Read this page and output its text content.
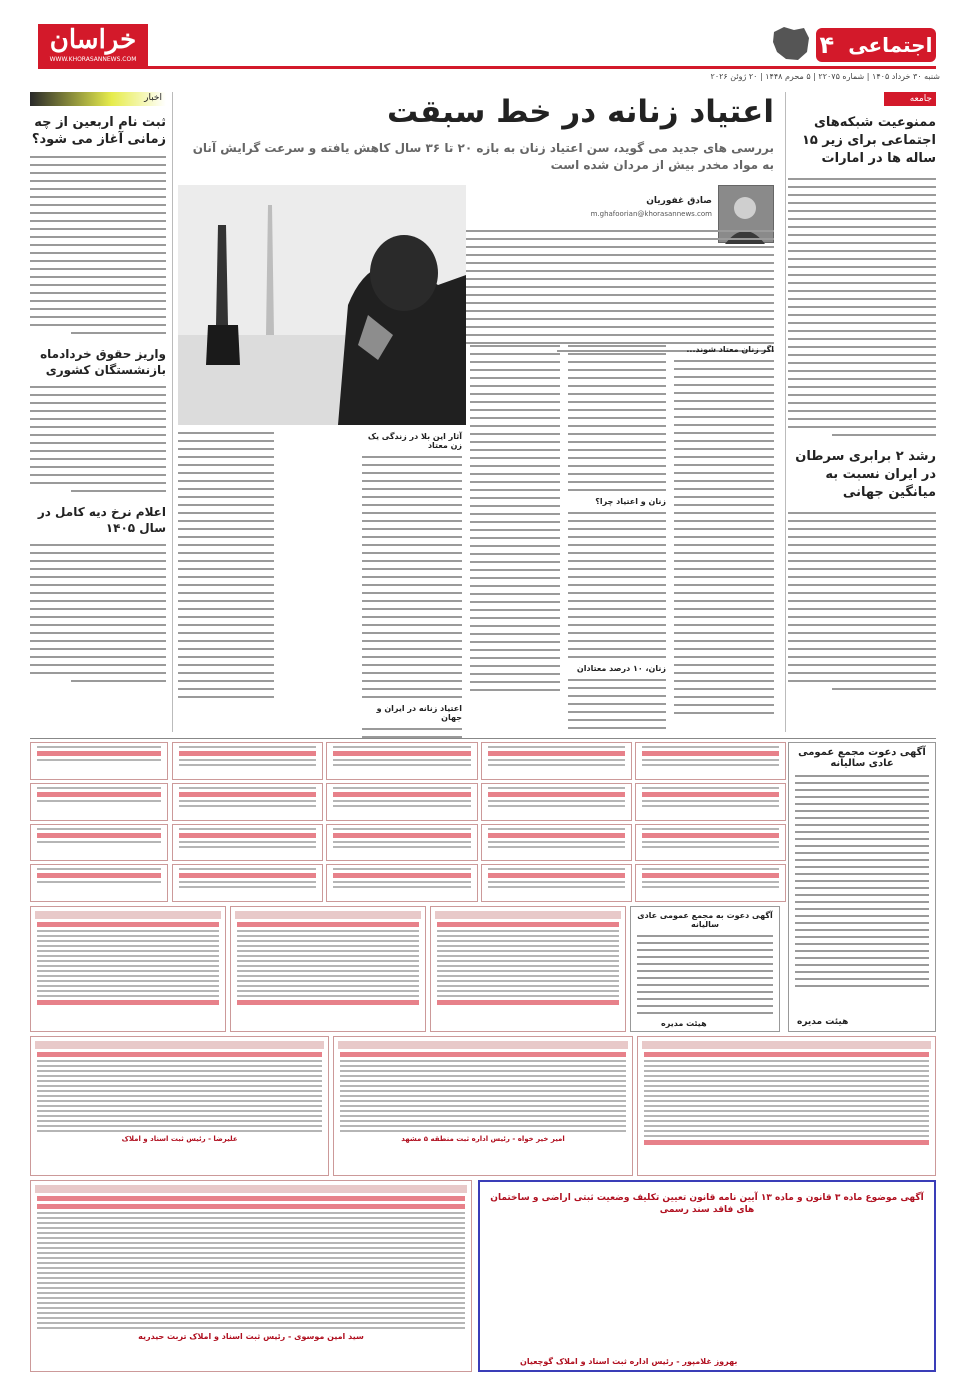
خراسان
WWW.KHORASANNEWS.COM
اجتماعی
۴
شنبه ۳۰ خرداد ۱۴۰۵ | شماره ۲۲۰۷۵ | ۵ محرم ۱۴۴۸ | ۲۰ ژوئن ۲۰۲۶
جامعه
ممنوعیت شبکه‌های اجتماعی برای زیر ۱۵ ساله ها در امارات
رشد ۲ برابری سرطان در ایران نسبت به میانگین جهانی
اعتیاد زنانه در خط سبقت
بررسی های جدید می گوید، سن اعتیاد زنان به بازه ۲۰ تا ۳۶ سال کاهش یافته و سرعت گرایش آنان به مواد مخدر بیش از مردان شده است
صادق غفوریان
m.ghafoorian@khorasannews.com
اگر زنان معتاد شوند...
زنان و اعتیاد چرا؟
زنان، ۱۰ درصد معتادان
آثار این بلا در زندگی یک زن معتاد
اعتیاد زنانه در ایران و جهان
اخبار
ثبت نام اربعین از چه زمانی آغاز می شود؟
واریز حقوق خردادماه بازنشستگان کشوری
اعلام نرخ دیه کامل در سال ۱۴۰۵
آگهی دعوت مجمع عمومی عادی سالیانه
هیئت مدیره
آگهی دعوت به مجمع عمومی عادی سالیانه
هیئت مدیره
امیر خیر خواه - رئیس اداره ثبت منطقه ۵ مشهد
علیرضا - رئیس ثبت اسناد و املاک
سید امین موسوی - رئیس ثبت اسناد و املاک تربت حیدریه
آگهی موضوع ماده ۳ قانون و ماده ۱۳ آیین نامه قانون تعیین تکلیف وضعیت ثبتی اراضی و ساختمان های فاقد سند رسمی
بهروز غلامپور - رئیس اداره ثبت اسناد و املاک گوچعیان
